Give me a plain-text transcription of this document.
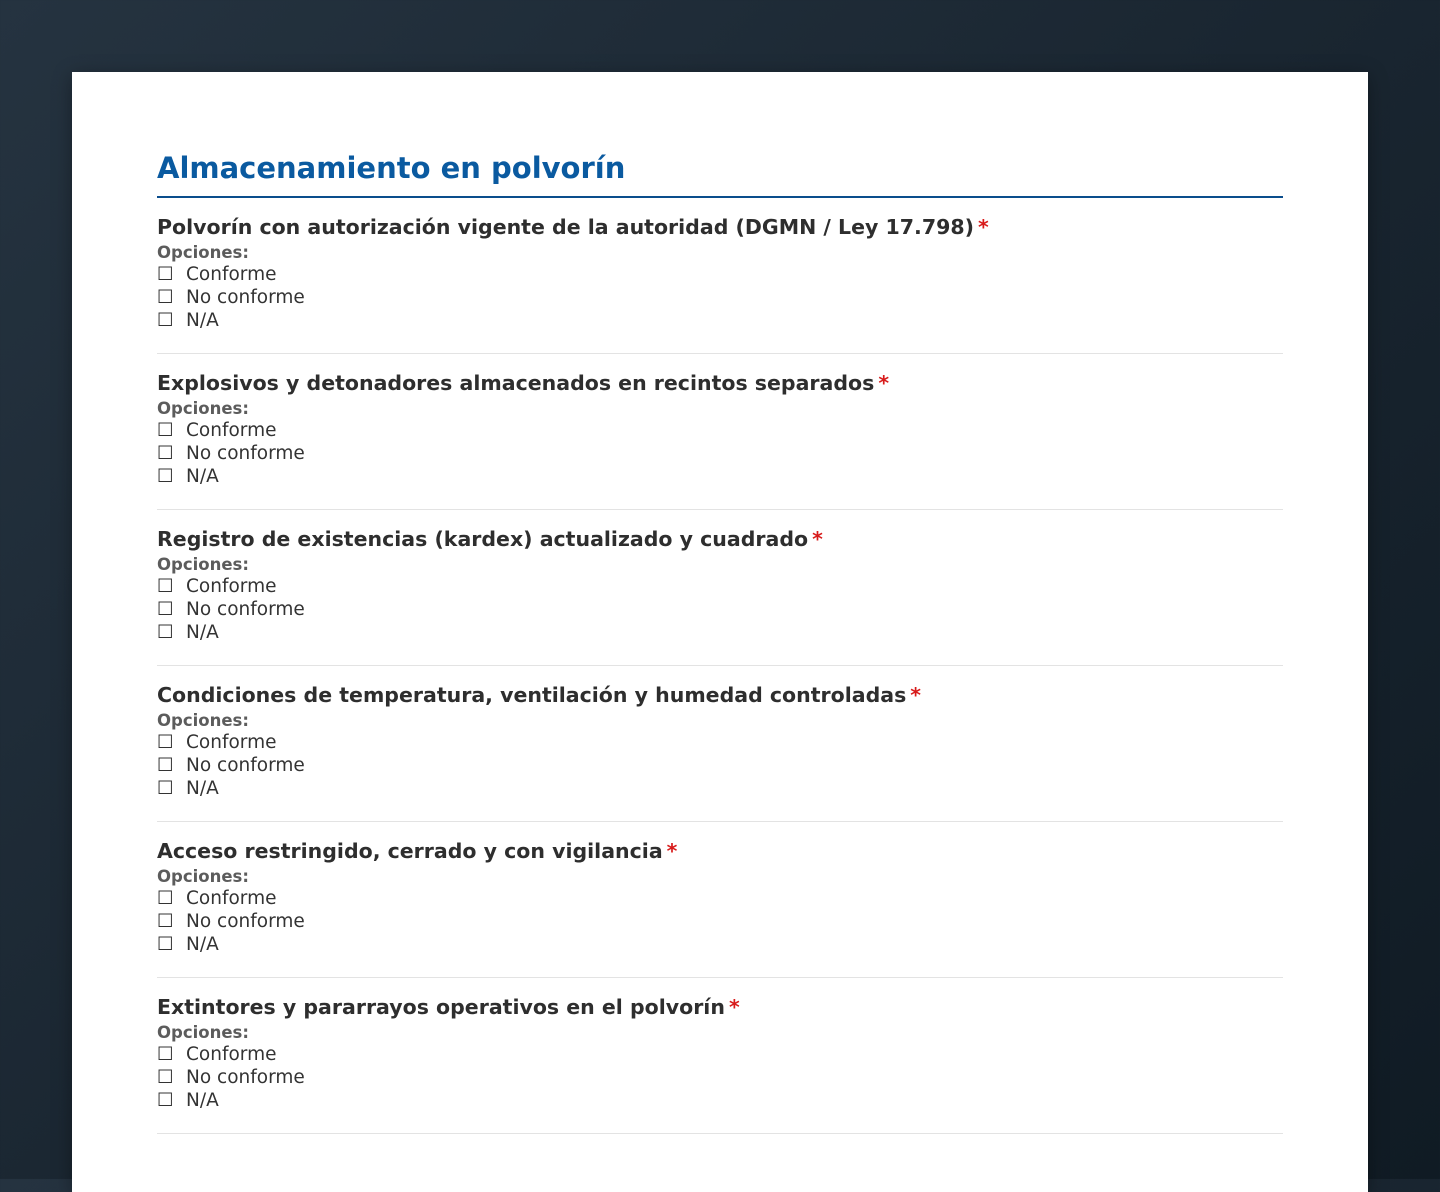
Almacenamiento en polvorín
Polvorín con autorización vigente de la autoridad (DGMN / Ley 17.798) *
Opciones:
☐ Conforme
☐ No conforme
☐ N/A
Explosivos y detonadores almacenados en recintos separados *
Opciones:
☐ Conforme
☐ No conforme
☐ N/A
Registro de existencias (kardex) actualizado y cuadrado *
Opciones:
☐ Conforme
☐ No conforme
☐ N/A
Condiciones de temperatura, ventilación y humedad controladas *
Opciones:
☐ Conforme
☐ No conforme
☐ N/A
Acceso restringido, cerrado y con vigilancia *
Opciones:
☐ Conforme
☐ No conforme
☐ N/A
Extintores y pararrayos operativos en el polvorín *
Opciones:
☐ Conforme
☐ No conforme
☐ N/A
